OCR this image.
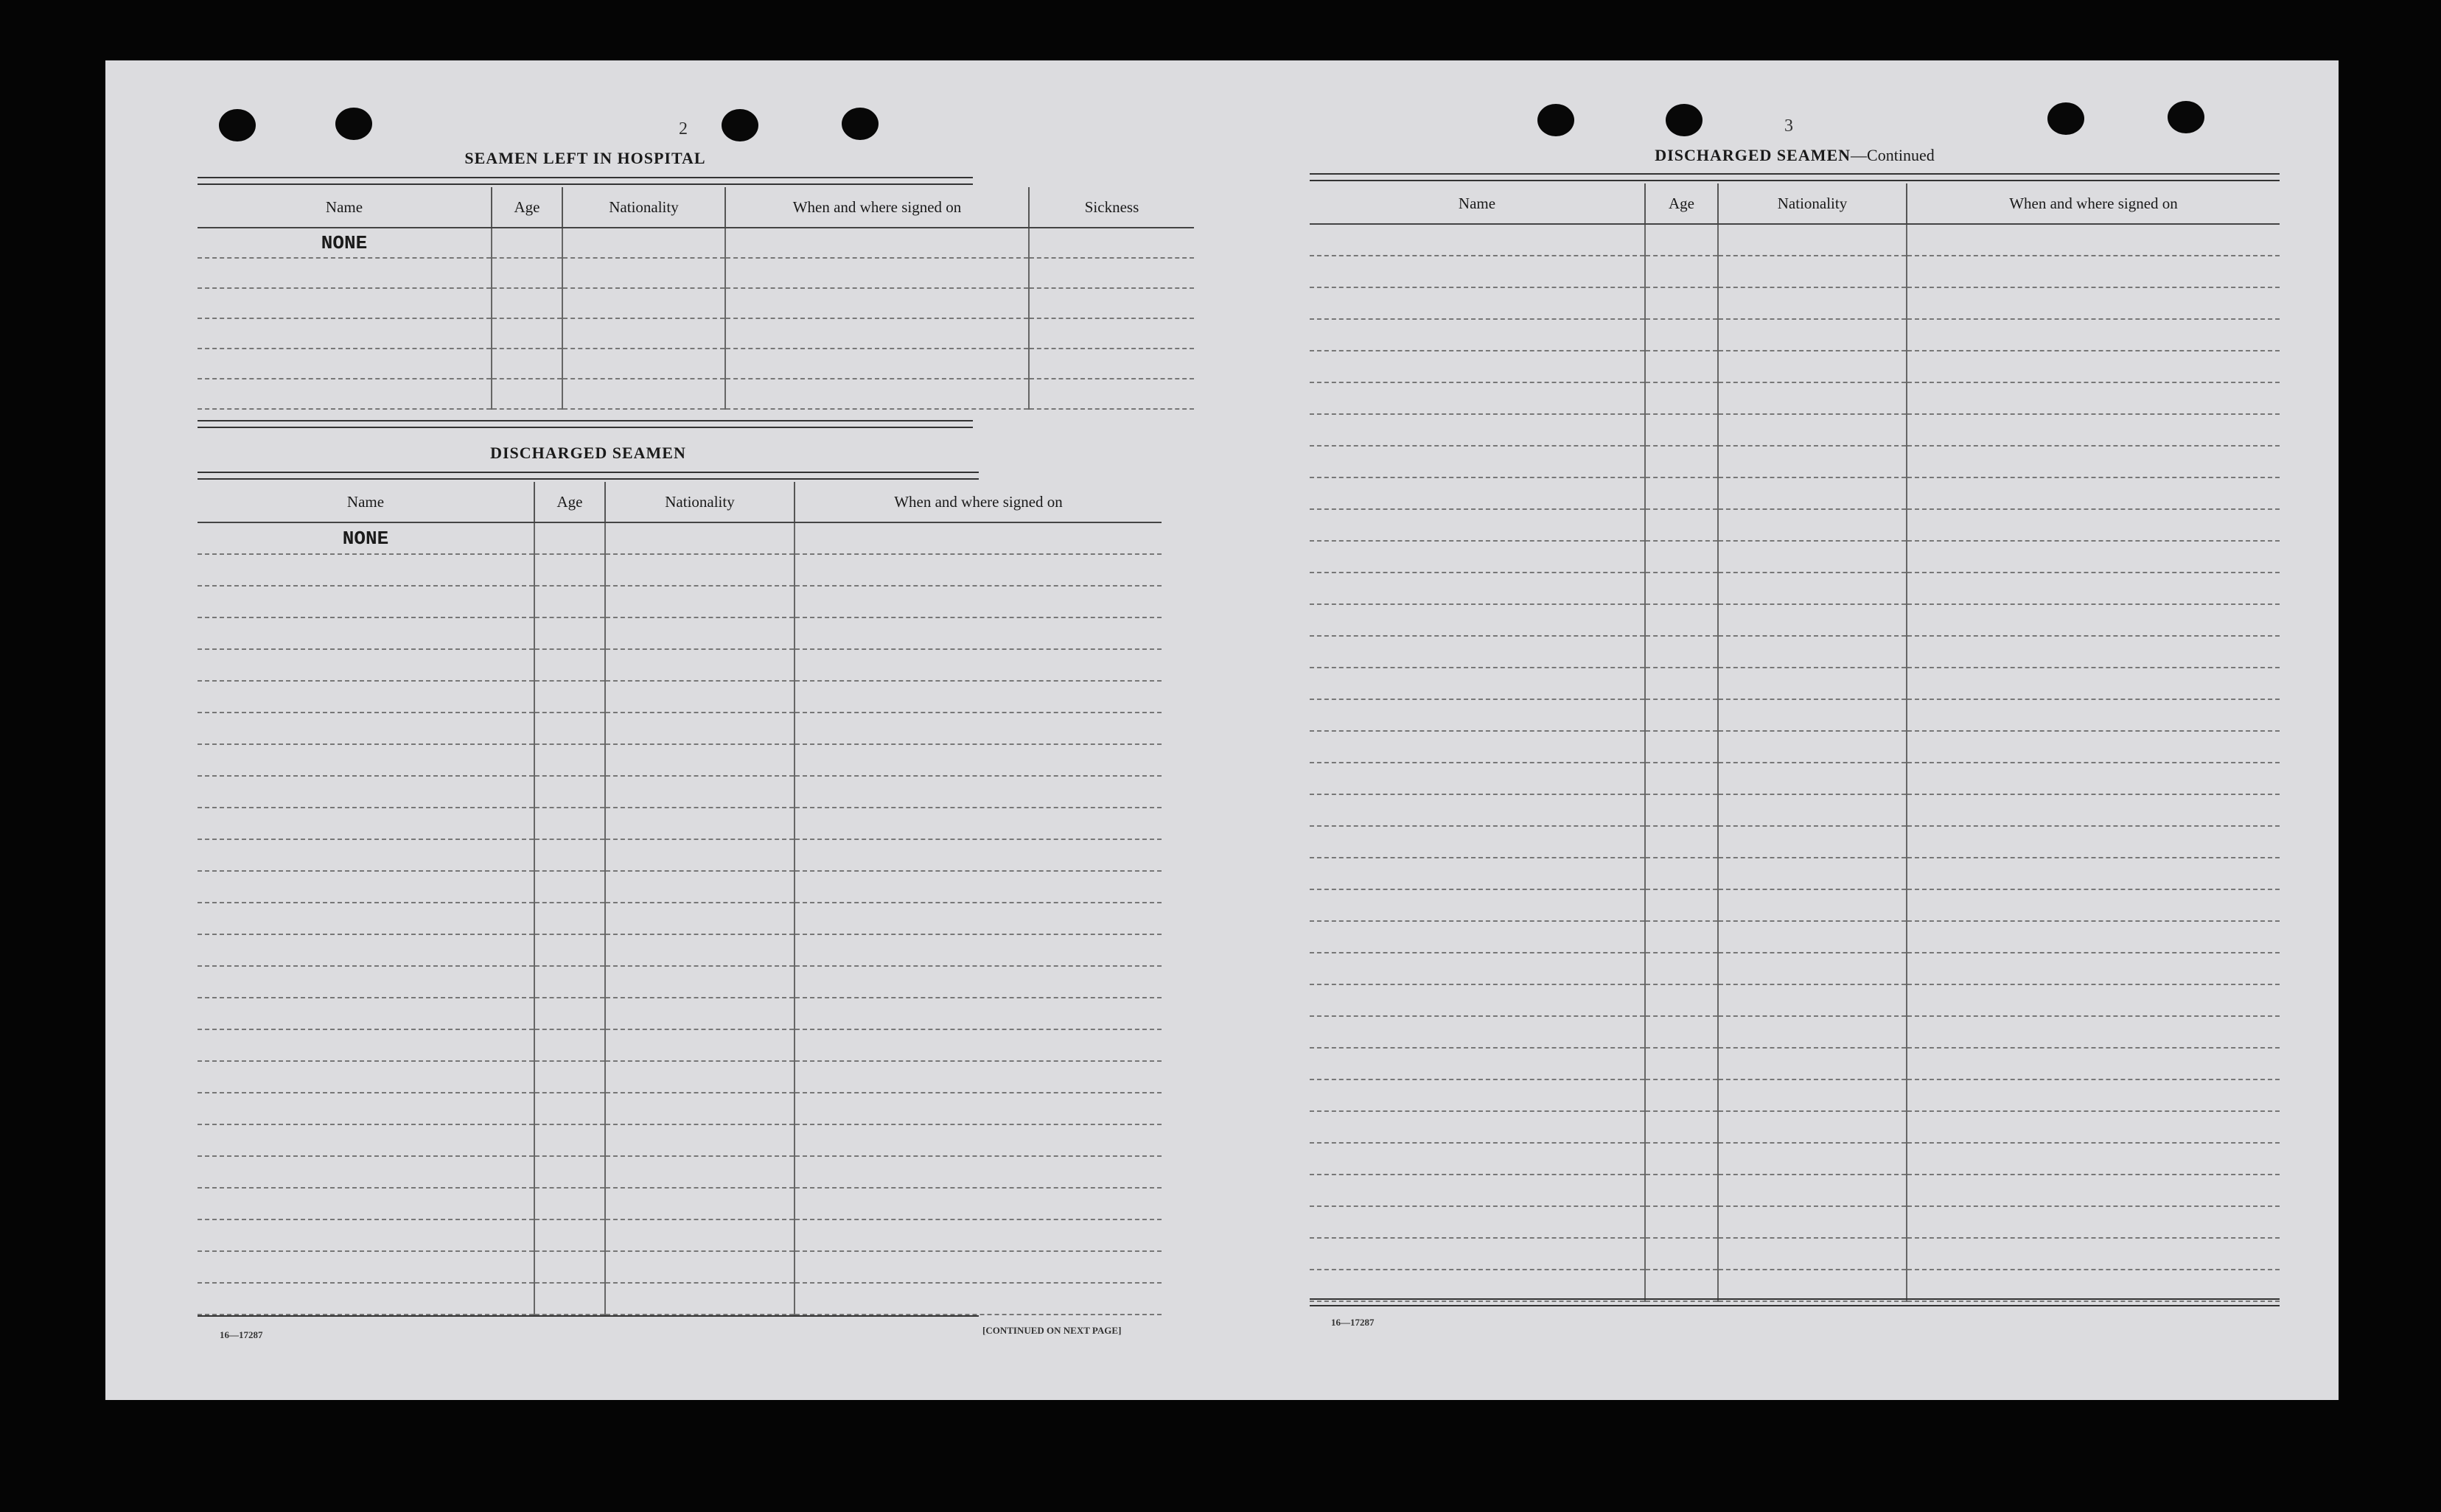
2
SEAMEN LEFT IN HOSPITAL
Name	Age	Nationality	When and where signed on	Sickness
NONE				

DISCHARGED SEAMEN
Name	Age	Nationality	When and where signed on
NONE			

16—17287	[CONTINUED ON NEXT PAGE]
3
DISCHARGED SEAMEN—Continued
Name	Age	Nationality	When and where signed on

16—17287
